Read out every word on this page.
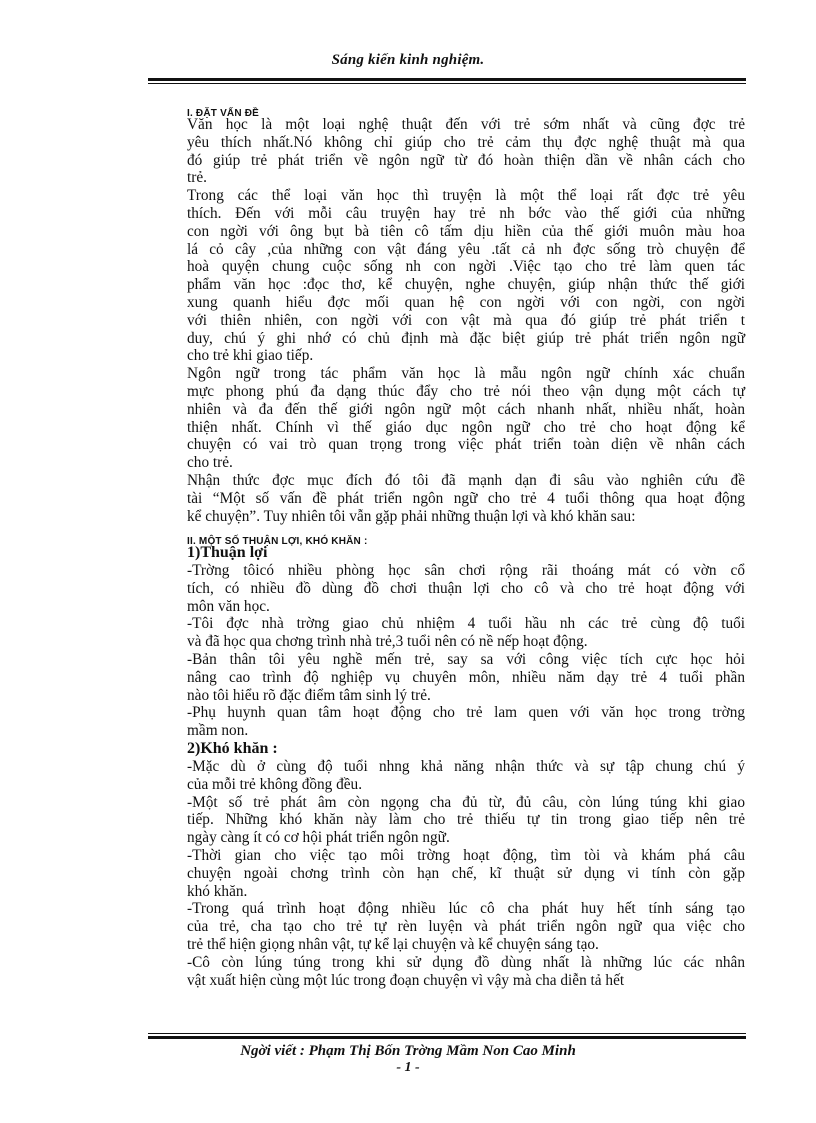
Sáng kiến kinh nghiệm.
I. ĐẶT VẤN ĐỀ
Văn học là một loại nghệ thuật đến với trẻ sớm nhất và cũng đợc trẻ
yêu thích nhất.Nó không chỉ giúp cho trẻ cảm thụ đợc nghệ thuật mà qua
đó giúp trẻ phát triển về ngôn ngữ từ đó hoàn thiện dần về nhân cách cho
trẻ.
Trong các thể loại văn học thì truyện là một thể loại rất đợc trẻ yêu
thích. Đến với mỗi câu truyện hay trẻ nh bớc vào thế giới của những
con ngời với ông bụt bà tiên cô tấm dịu hiền của thế giới muôn màu hoa
lá cỏ cây ,của những con vật đáng yêu .tất cả nh đợc sống trò chuyện để
hoà quyện chung cuộc sống nh con ngời .Việc tạo cho trẻ làm quen tác
phẩm văn học :đọc thơ, kể chuyện, nghe chuyện, giúp nhận thức thế giới
xung quanh hiểu đợc mối quan hệ con ngời với con ngời, con ngời
với thiên nhiên, con ngời với con vật mà qua đó giúp trẻ phát triển t
duy, chú ý ghi nhớ có chủ định mà đặc biệt giúp trẻ phát triển ngôn ngữ
cho trẻ khi giao tiếp.
Ngôn ngữ trong tác phẩm văn học là mẫu ngôn ngữ chính xác chuẩn
mực phong phú đa dạng thúc đẩy cho trẻ nói theo vận dụng một cách tự
nhiên và đa đến thế giới ngôn ngữ một cách nhanh nhất, nhiều nhất, hoàn
thiện nhất. Chính vì thế giáo dục ngôn ngữ cho trẻ cho hoạt động kể
chuyện có vai trò quan trọng trong việc phát triển toàn diện về nhân cách
cho trẻ.
Nhận thức đợc mục đích đó tôi đã mạnh dạn đi sâu vào nghiên cứu đề
tài “Một số vấn đề phát triển ngôn ngữ cho trẻ 4 tuổi thông qua hoạt động
kể chuyện”. Tuy nhiên tôi vẫn gặp phải những thuận lợi và khó khăn sau:
II. MỘT SỐ THUẬN LỢI, KHÓ KHĂN :
1)Thuận lợi
-Trờng tôicó nhiều phòng học sân chơi rộng rãi thoáng mát có vờn cổ
tích, có nhiều đồ dùng đồ chơi thuận lợi cho cô và cho trẻ hoạt động với
môn văn học.
-Tôi đợc nhà trờng giao chủ nhiệm 4 tuổi hầu nh các trẻ cùng độ tuổi
và đã học qua chơng trình nhà trẻ,3 tuổi nên có nề nếp hoạt động.
-Bản thân tôi yêu nghề mến trẻ, say sa với công việc tích cực học hỏi
nâng cao trình độ nghiệp vụ chuyên môn, nhiều năm dạy trẻ 4 tuổi phần
nào tôi hiểu rõ đặc điểm tâm sinh lý trẻ.
-Phụ huynh quan tâm hoạt động cho trẻ lam quen với văn học trong trờng
mầm non.
2)Khó khăn :
-Mặc dù ở cùng độ tuổi nhng khả năng nhận thức và sự tập chung chú ý
của mỗi trẻ không đồng đều.
-Một số trẻ phát âm còn ngọng cha đủ từ, đủ câu, còn lúng túng khi giao
tiếp. Những khó khăn này làm cho trẻ thiếu tự tin trong giao tiếp nên trẻ
ngày càng ít có cơ hội phát triển ngôn ngữ.
-Thời gian cho việc tạo môi trờng hoạt động, tìm tòi và khám phá câu
chuyện ngoài chơng trình còn hạn chế, kĩ thuật sử dụng vi tính còn gặp
khó khăn.
-Trong quá trình hoạt động nhiều lúc cô cha phát huy hết tính sáng tạo
của trẻ, cha tạo cho trẻ tự rèn luyện và phát triển ngôn ngữ qua việc cho
trẻ thể hiện giọng nhân vật, tự kể lại chuyện và kể chuyện sáng tạo.
-Cô còn lúng túng trong khi sử dụng đồ dùng nhất là những lúc các nhân
vật xuất hiện cùng một lúc trong đoạn chuyện vì vậy mà cha diễn tả hết
Ngời viết : Phạm Thị Bốn Trờng Mầm Non Cao Minh
- 1 -
